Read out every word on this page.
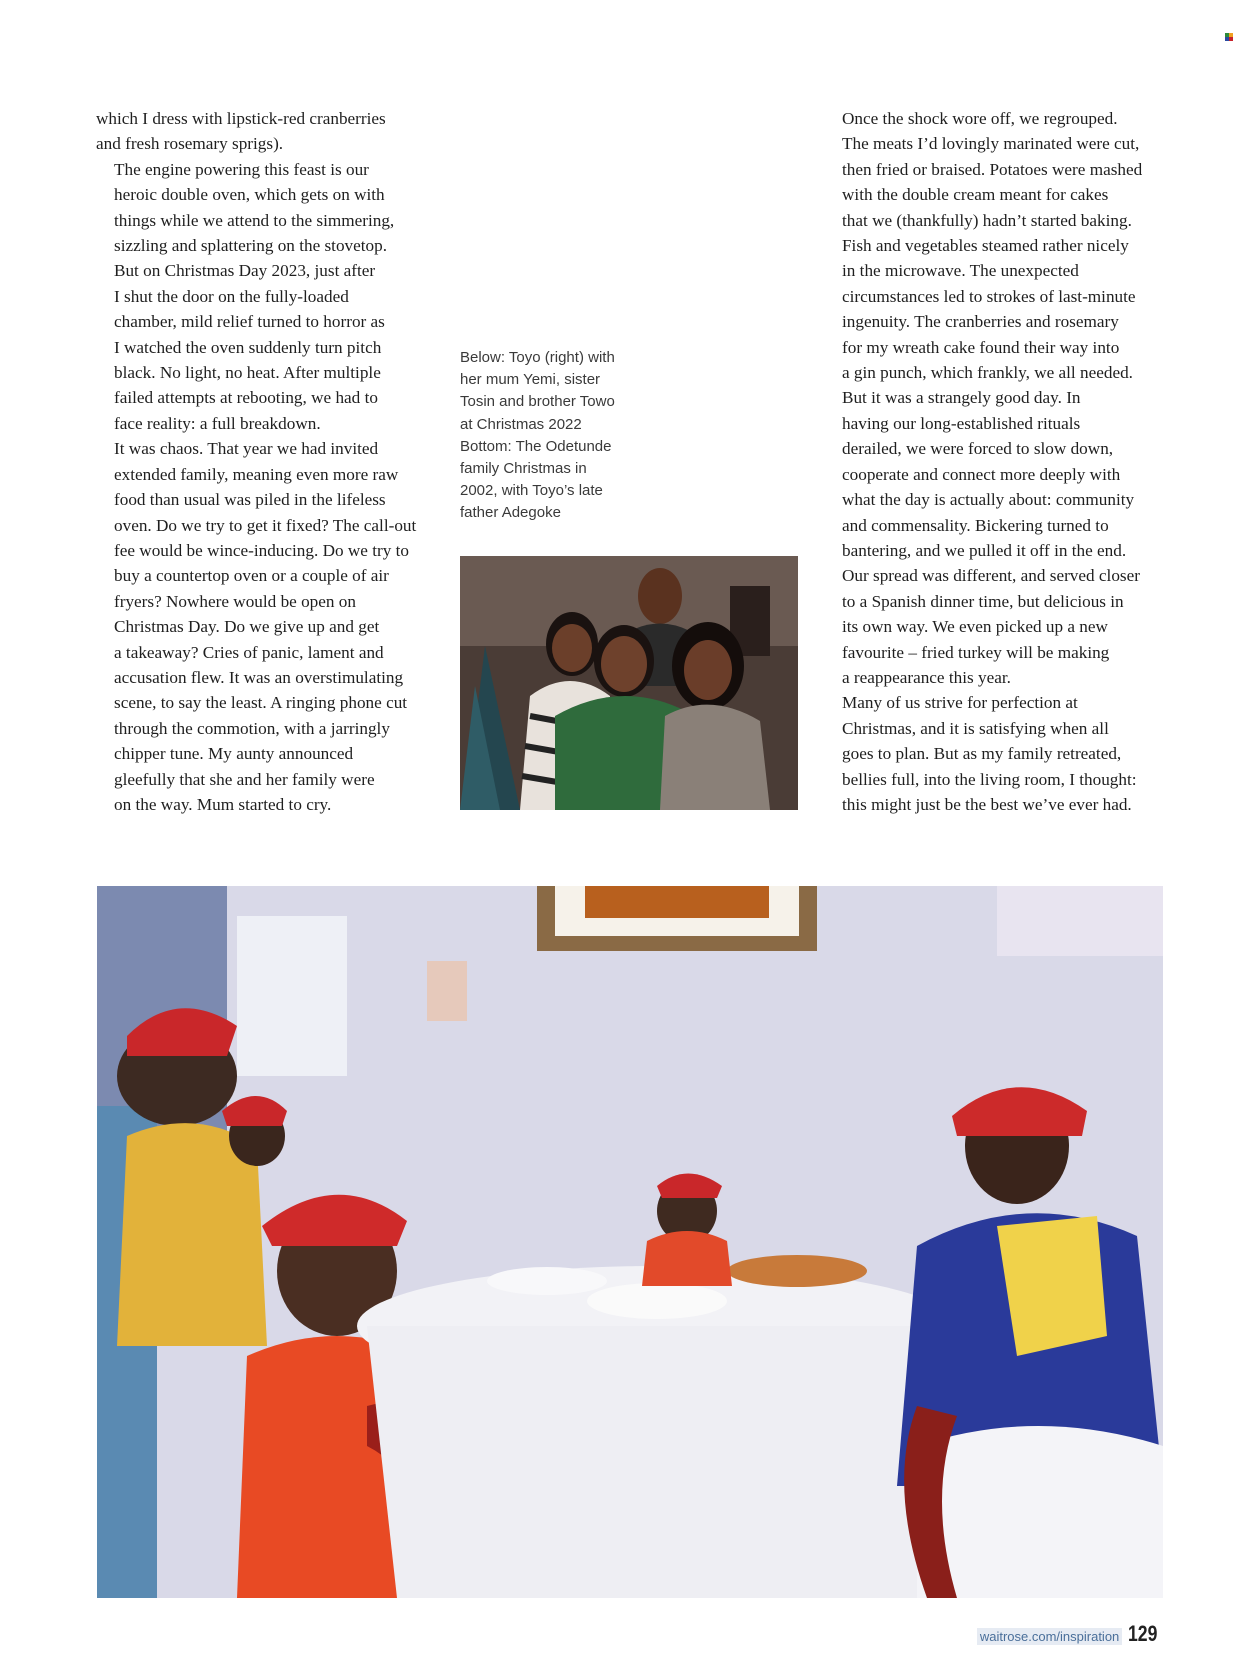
which I dress with lipstick-red cranberries
and fresh rosemary sprigs).

The engine powering this feast is our
heroic double oven, which gets on with
things while we attend to the simmering,
sizzling and splattering on the stovetop.
But on Christmas Day 2023, just after
I shut the door on the fully-loaded
chamber, mild relief turned to horror as
I watched the oven suddenly turn pitch
black. No light, no heat. After multiple
failed attempts at rebooting, we had to
face reality: a full breakdown.

It was chaos. That year we had invited
extended family, meaning even more raw
food than usual was piled in the lifeless
oven. Do we try to get it fixed? The call-out
fee would be wince-inducing. Do we try to
buy a countertop oven or a couple of air
fryers? Nowhere would be open on
Christmas Day. Do we give up and get
a takeaway? Cries of panic, lament and
accusation flew. It was an overstimulating
scene, to say the least. A ringing phone cut
through the commotion, with a jarringly
chipper tune. My aunty announced
gleefully that she and her family were
on the way. Mum started to cry.

Below: Toyo (right) with
her mum Yemi, sister
Tosin and brother Towo
at Christmas 2022
Bottom: The Odetunde
family Christmas in
2002, with Toyo’s late
father Adegoke

Once the shock wore off, we regrouped.
The meats I’d lovingly marinated were cut,
then fried or braised. Potatoes were mashed
with the double cream meant for cakes
that we (thankfully) hadn’t started baking.
Fish and vegetables steamed rather nicely
in the microwave. The unexpected
circumstances led to strokes of last-minute
ingenuity. The cranberries and rosemary
for my wreath cake found their way into
a gin punch, which frankly, we all needed.

But it was a strangely good day. In
having our long-established rituals
derailed, we were forced to slow down,
cooperate and connect more deeply with
what the day is actually about: community
and commensality. Bickering turned to
bantering, and we pulled it off in the end.
Our spread was different, and served closer
to a Spanish dinner time, but delicious in
its own way. We even picked up a new
favourite – fried turkey will be making
a reappearance this year.

Many of us strive for perfection at
Christmas, and it is satisfying when all
goes to plan. But as my family retreated,
bellies full, into the living room, I thought:
this might just be the best we’ve ever had.

waitrose.com/inspiration 129
